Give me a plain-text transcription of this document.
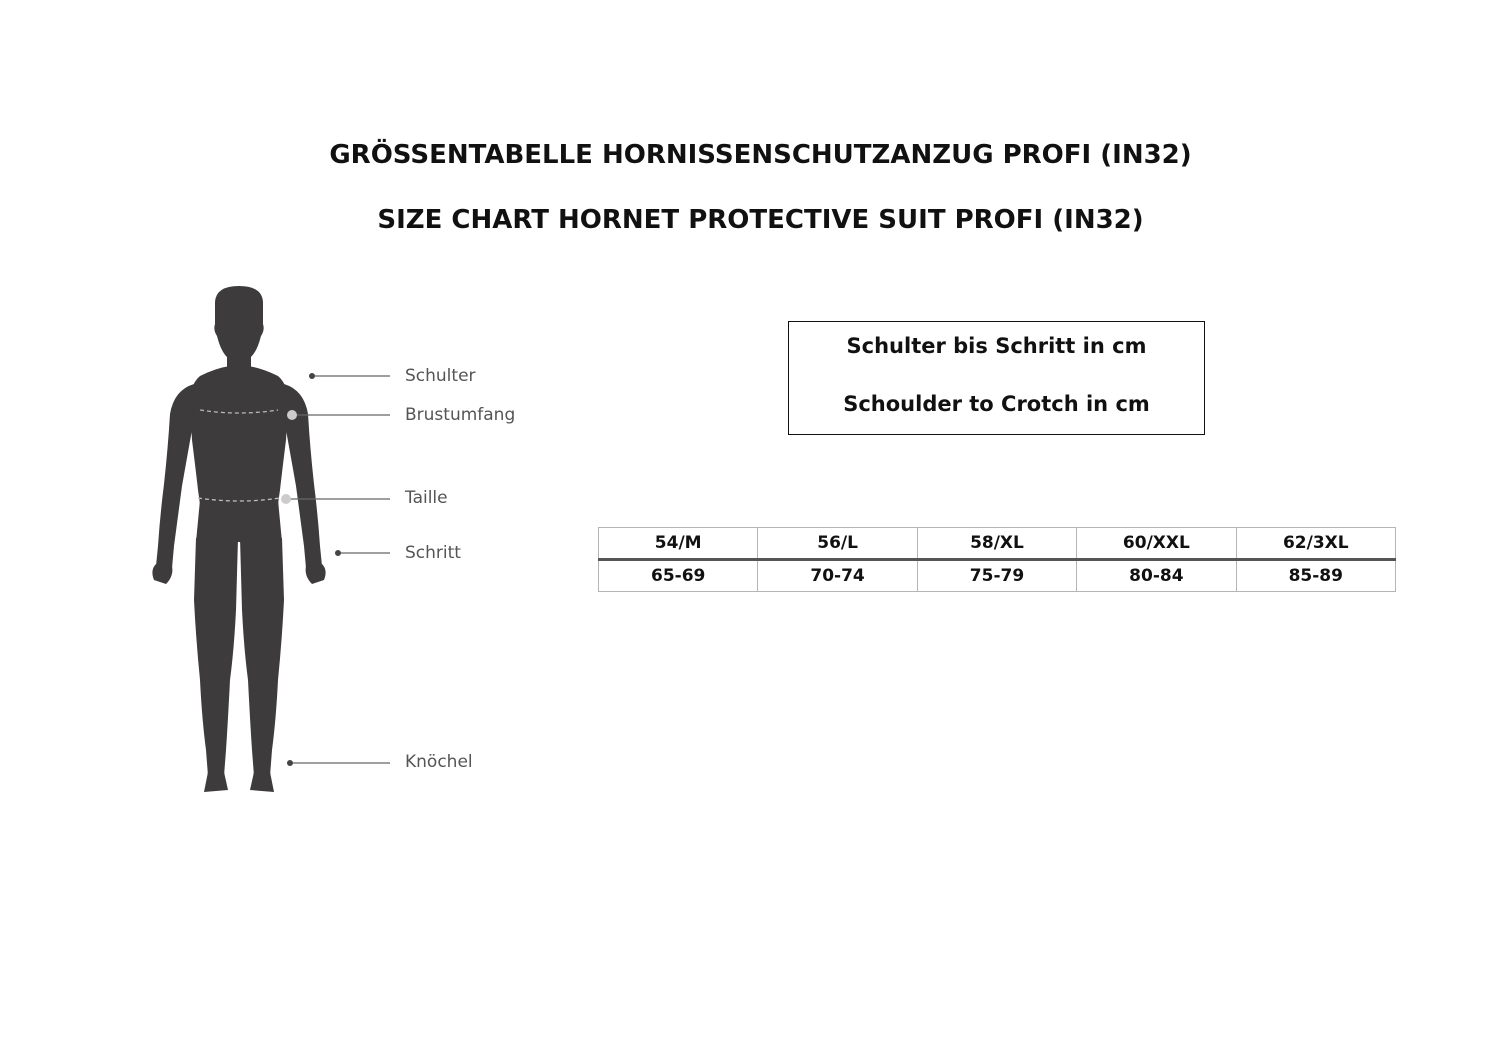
GRÖSSENTABELLE HORNISSENSCHUTZANZUG PROFI (IN32)
SIZE CHART HORNET PROTECTIVE SUIT PROFI (IN32)
Schulter
Brustumfang
Taille
Schritt
Knöchel
Schulter bis Schritt in cm
Schoulder to Crotch in cm
54/M	56/L	58/XL	60/XXL	62/3XL
65-69	70-74	75-79	80-84	85-89
